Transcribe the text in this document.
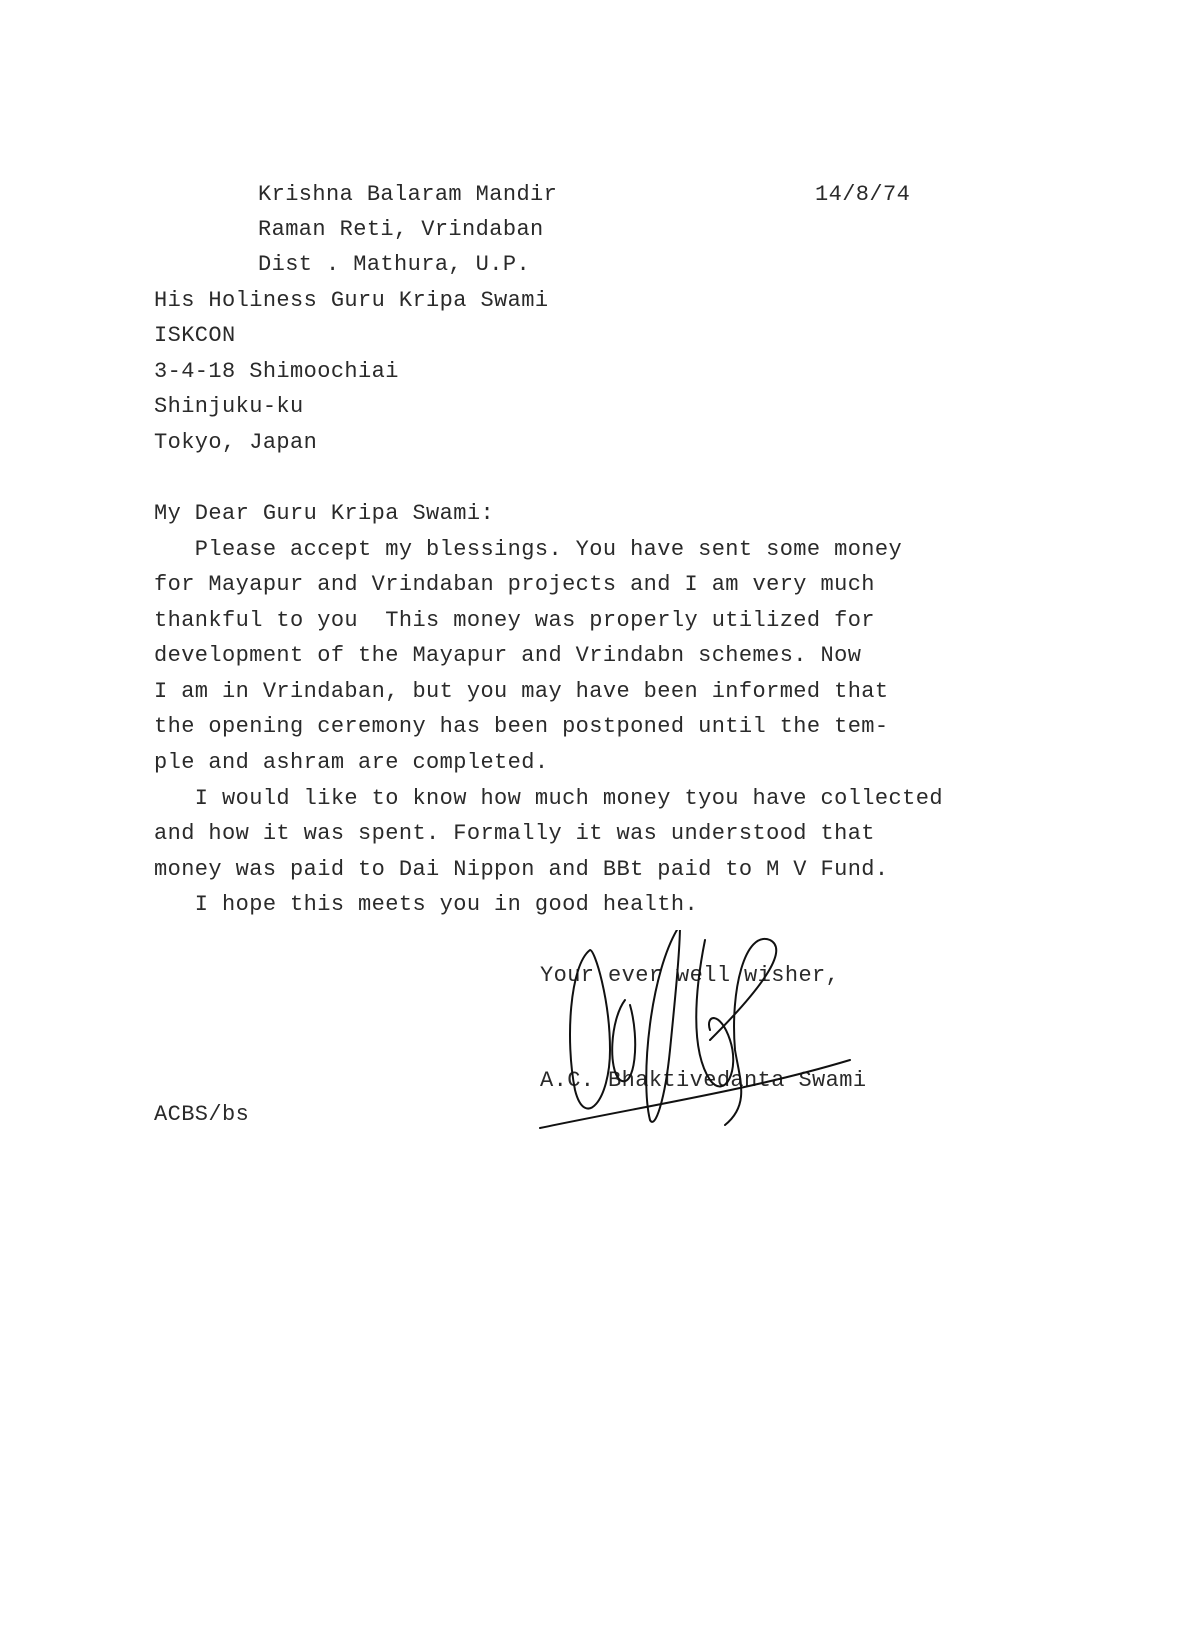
14/8/74
Krishna Balaram Mandir
Raman Reti, Vrindaban
Dist . Mathura, U.P.
His Holiness Guru Kripa Swami
ISKCON
3-4-18 Shimoochiai
Shinjuku-ku
Tokyo, Japan
My Dear Guru Kripa Swami:
Please accept my blessings. You have sent some money
for Mayapur and Vrindaban projects and I am very much
thankful to you  This money was properly utilized for
development of the Mayapur and Vrindabn schemes. Now
I am in Vrindaban, but you may have been informed that
the opening ceremony has been postponed until the tem-
ple and ashram are completed.
I would like to know how much money tyou have collected
and how it was spent. Formally it was understood that
money was paid to Dai Nippon and BBt paid to M V Fund.
I hope this meets you in good health.
Your ever well wisher,
A.C. Bhaktivedanta Swami
ACBS/bs
